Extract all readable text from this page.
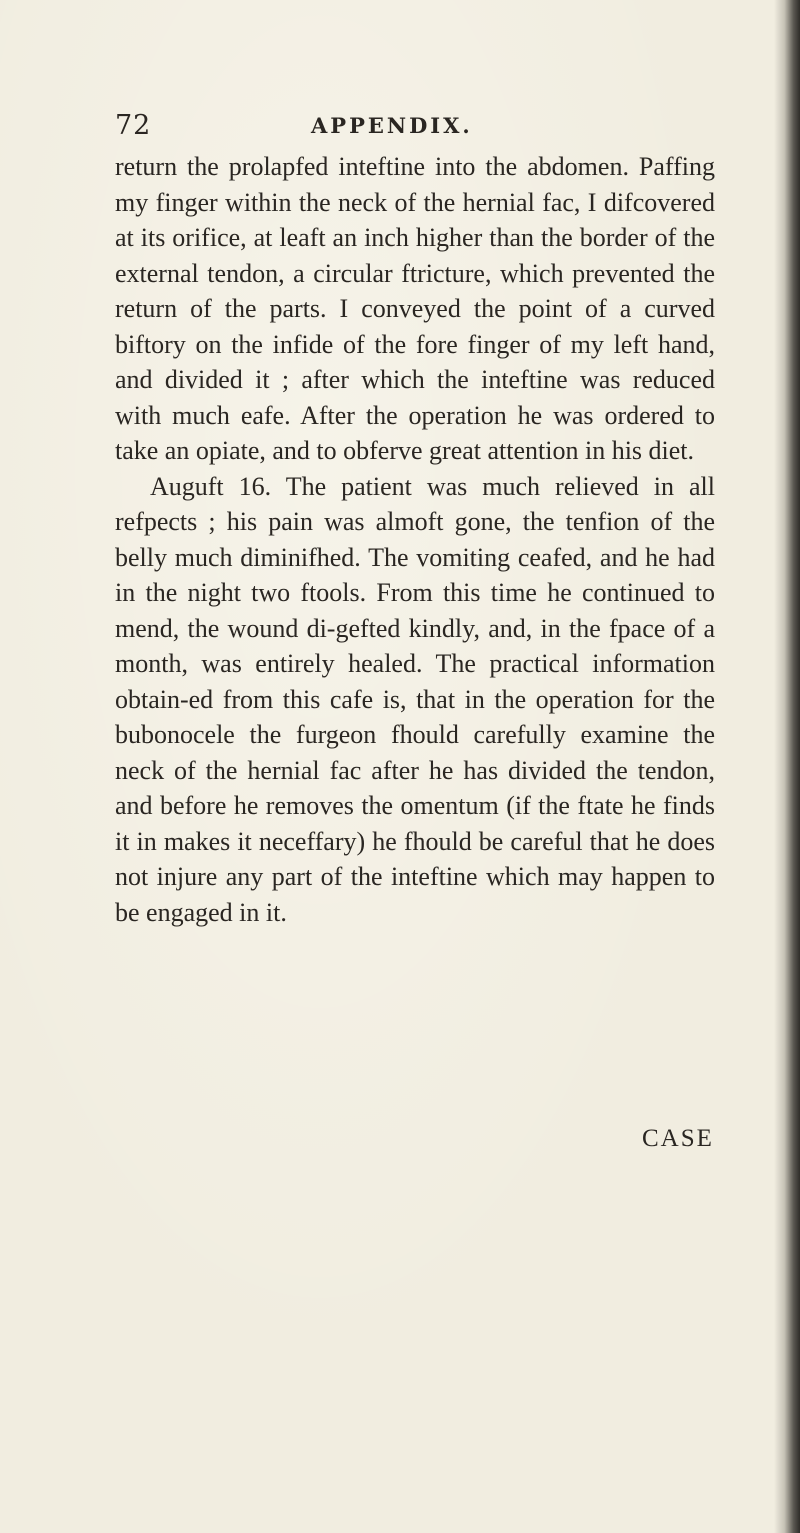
72	APPENDIX.

return the prolapfed inteftine into the abdomen. Paffing my finger within the neck of the hernial fac, I difcovered at its orifice, at leaft an inch higher than the border of the external tendon, a circular ftricture, which prevented the return of the parts. I conveyed the point of a curved biftory on the infide of the fore finger of my left hand, and divided it ; after which the inteftine was reduced with much eafe. After the operation he was ordered to take an opiate, and to obferve great attention in his diet.

Auguft 16. The patient was much relieved in all refpects ; his pain was almoft gone, the tenfion of the belly much diminifhed. The vomiting ceafed, and he had in the night two ftools. From this time he continued to mend, the wound di-gefted kindly, and, in the fpace of a month, was entirely healed. The practical information obtain-ed from this cafe is, that in the operation for the bubonocele the furgeon fhould carefully examine the neck of the hernial fac after he has divided the tendon, and before he removes the omentum (if the ftate he finds it in makes it neceffary) he fhould be careful that he does not injure any part of the inteftine which may happen to be engaged in it.

CASE
